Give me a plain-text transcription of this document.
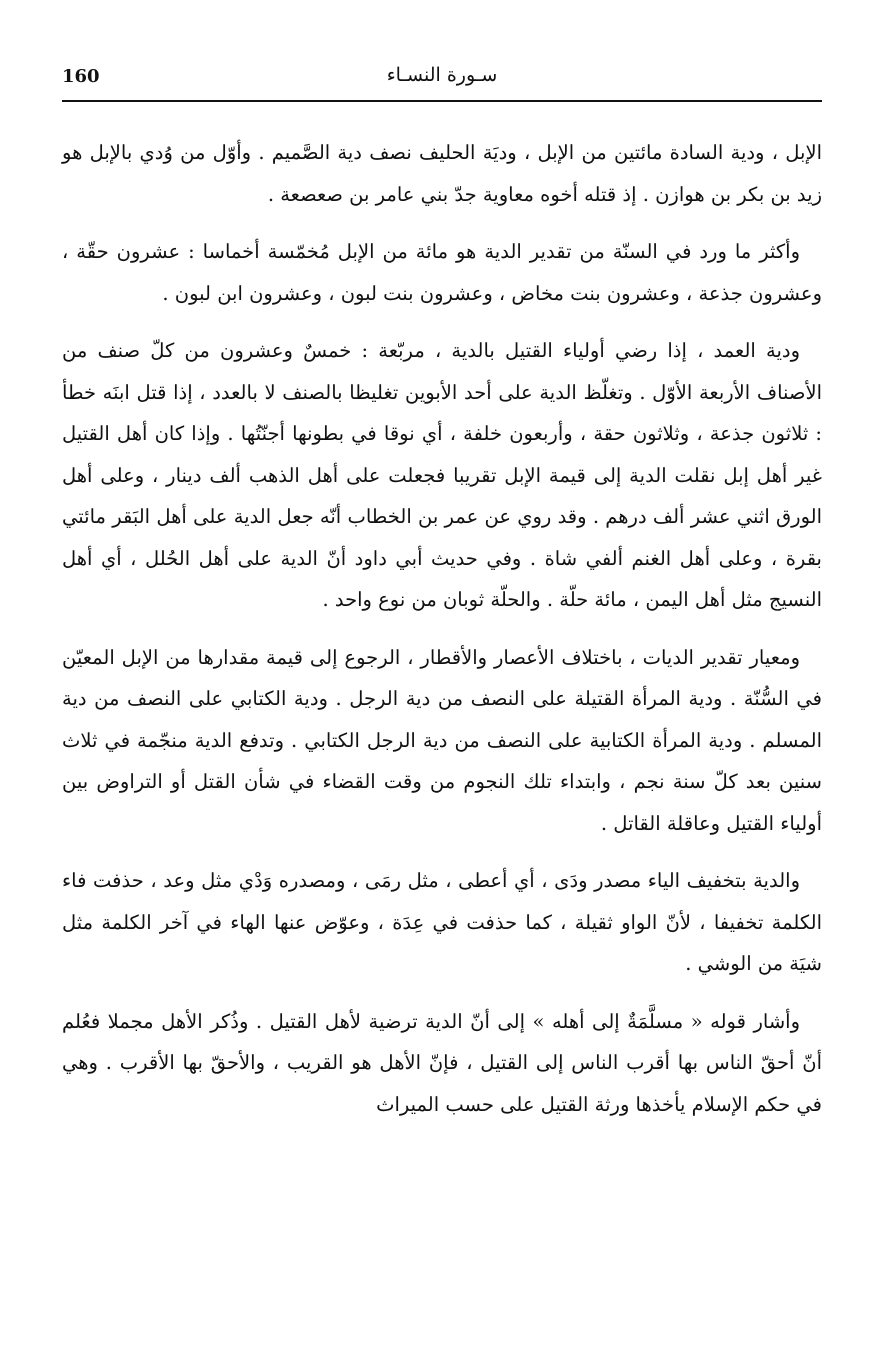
160	سـورة النسـاء

الإبل ، ودية السادة مائتين من الإبل ، وديَة الحليف نصف دية الصَّميم . وأوّل من وُدي بالإبل هو زيد بن بكر بن هوازن . إذ قتله أخوه معاوية جدّ بني عامر بن صعصعة .

وأكثر ما ورد في السنّة من تقدير الدية هو مائة من الإبل مُخمّسة أخماسا : عشرون حقّة ، وعشرون جذعة ، وعشرون بنت مخاض ، وعشرون بنت لبون ، وعشرون ابن لبون .

ودية العمد ، إذا رضي أولياء القتيل بالدية ، مربّعة : خمسٌ وعشرون من كلّ صنف من الأصناف الأربعة الأوّل . وتغلّظ الدية على أحد الأبوين تغليظا بالصنف لا بالعدد ، إذا قتل ابنَه خطأ : ثلاثون جذعة ، وثلاثون حقة ، وأربعون خلفة ، أي نوقا في بطونها أجنّتُها . وإذا كان أهل القتيل غير أهل إبل نقلت الدية إلى قيمة الإبل تقريبا فجعلت على أهل الذهب ألف دينار ، وعلى أهل الورق اثني عشر ألف درهم . وقد روي عن عمر بن الخطاب أنّه جعل الدية على أهل البَقر مائتي بقرة ، وعلى أهل الغنم ألفي شاة . وفي حديث أبي داود أنّ الدية على أهل الحُلل ، أي أهل النسيج مثل أهل اليمن ، مائة حلّة . والحلّة ثوبان من نوع واحد .

ومعيار تقدير الديات ، باختلاف الأعصار والأقطار ، الرجوع إلى قيمة مقدارها من الإبل المعيّن في السُّنّة . ودية المرأة القتيلة على النصف من دية الرجل . ودية الكتابي على النصف من دية المسلم . ودية المرأة الكتابية على النصف من دية الرجل الكتابي . وتدفع الدية منجّمة في ثلاث سنين بعد كلّ سنة نجم ، وابتداء تلك النجوم من وقت القضاء في شأن القتل أو التراوض بين أولياء القتيل وعاقلة القاتل .

والدية بتخفيف الياء مصدر ودَى ، أي أعطى ، مثل رمَى ، ومصدره وَدْي مثل وعد ، حذفت فاء الكلمة تخفيفا ، لأنّ الواو ثقيلة ، كما حذفت في عِدَة ، وعوّض عنها الهاء في آخر الكلمة مثل شيَة من الوشي .

وأشار قوله « مسلَّمَةٌ إلى أهله » إلى أنّ الدية ترضية لأهل القتيل . وذُكر الأهل مجملا فعُلم أنّ أحقّ الناس بها أقرب الناس إلى القتيل ، فإنّ الأهل هو القريب ، والأحقّ بها الأقرب . وهي في حكم الإسلام يأخذها ورثة القتيل على حسب الميراث
